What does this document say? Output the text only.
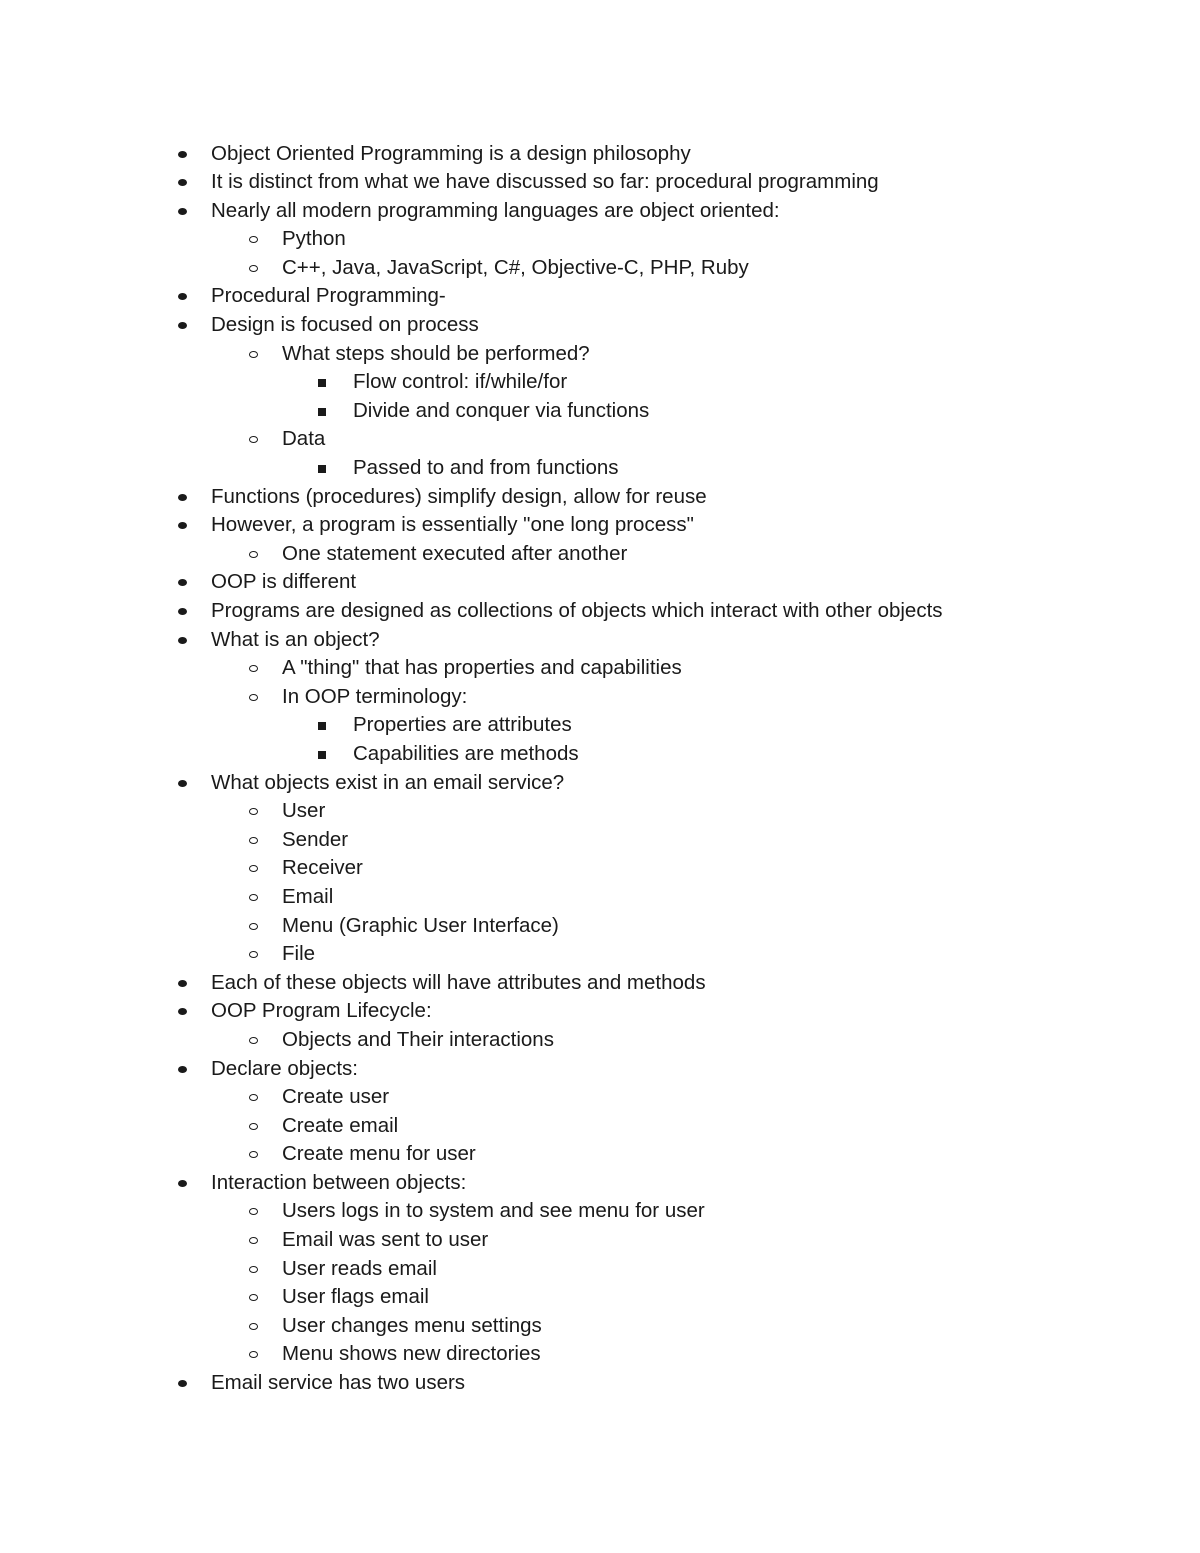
Object Oriented Programming is a design philosophy
It is distinct from what we have discussed so far: procedural programming
Nearly all modern programming languages are object oriented:
Python
C++, Java, JavaScript, C#, Objective-C, PHP, Ruby
Procedural Programming-
Design is focused on process
What steps should be performed?
Flow control: if/while/for
Divide and conquer via functions
Data
Passed to and from functions
Functions (procedures) simplify design, allow for reuse
However, a program is essentially "one long process"
One statement executed after another
OOP is different
Programs are designed as collections of objects which interact with other objects
What is an object?
A "thing" that has properties and capabilities
In OOP terminology:
Properties are attributes
Capabilities are methods
What objects exist in an email service?
User
Sender
Receiver
Email
Menu (Graphic User Interface)
File
Each of these objects will have attributes and methods
OOP Program Lifecycle:
Objects and Their interactions
Declare objects:
Create user
Create email
Create menu for user
Interaction between objects:
Users logs in to system and see menu for user
Email was sent to user
User reads email
User flags email
User changes menu settings
Menu shows new directories
Email service has two users
